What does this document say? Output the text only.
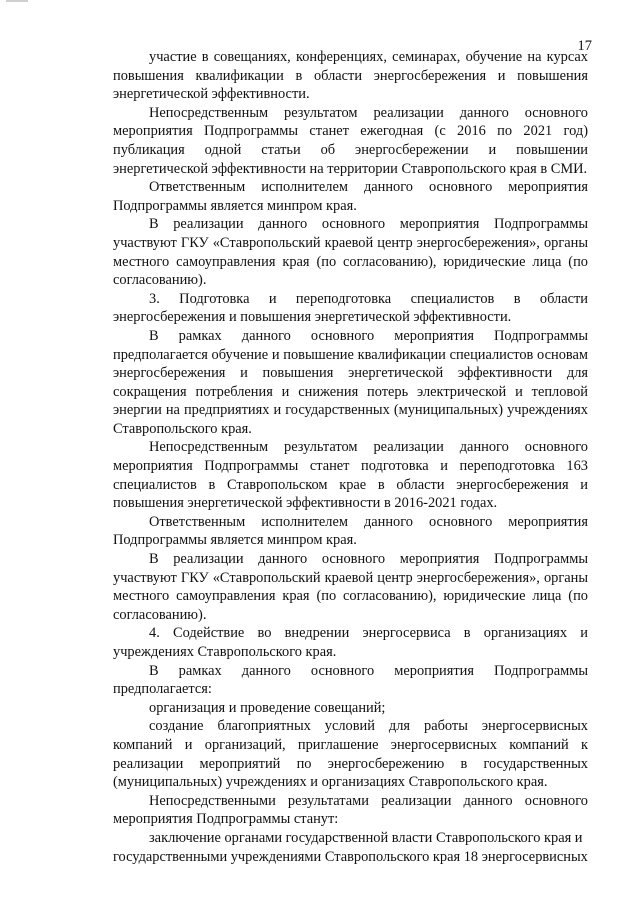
17

участие в совещаниях, конференциях, семинарах, обучение на курсах повышения квалификации в области энергосбережения и повышения энергетической эффективности.

Непосредственным результатом реализации данного основного мероприятия Подпрограммы станет ежегодная (с 2016 по 2021 год) публикация одной статьи об энергосбережении и повышении энергетической эффективности на территории Ставропольского края в СМИ.

Ответственным исполнителем данного основного мероприятия Подпрограммы является минпром края.

В реализации данного основного мероприятия Подпрограммы участвуют ГКУ «Ставропольский краевой центр энергосбережения», органы местного самоуправления края (по согласованию), юридические лица (по согласованию).

3. Подготовка и переподготовка специалистов в области энергосбережения и повышения энергетической эффективности.

В рамках данного основного мероприятия Подпрограммы предполагается обучение и повышение квалификации специалистов основам энергосбережения и повышения энергетической эффективности для сокращения потребления и снижения потерь электрической и тепловой энергии на предприятиях и государственных (муниципальных) учреждениях Ставропольского края.

Непосредственным результатом реализации данного основного мероприятия Подпрограммы станет подготовка и переподготовка 163 специалистов в Ставропольском крае в области энергосбережения и повышения энергетической эффективности в 2016-2021 годах.

Ответственным исполнителем данного основного мероприятия Подпрограммы является минпром края.

В реализации данного основного мероприятия Подпрограммы участвуют ГКУ «Ставропольский краевой центр энергосбережения», органы местного самоуправления края (по согласованию), юридические лица (по согласованию).

4. Содействие во внедрении энергосервиса в организациях и учреждениях Ставропольского края.

В рамках данного основного мероприятия Подпрограммы предполагается:

организация и проведение совещаний;

создание благоприятных условий для работы энергосервисных компаний и организаций, приглашение энергосервисных компаний к реализации мероприятий по энергосбережению в государственных (муниципальных) учреждениях и организациях Ставропольского края.

Непосредственными результатами реализации данного основного мероприятия Подпрограммы станут:

заключение органами государственной власти Ставропольского края и государственными учреждениями Ставропольского края 18 энергосервисных
